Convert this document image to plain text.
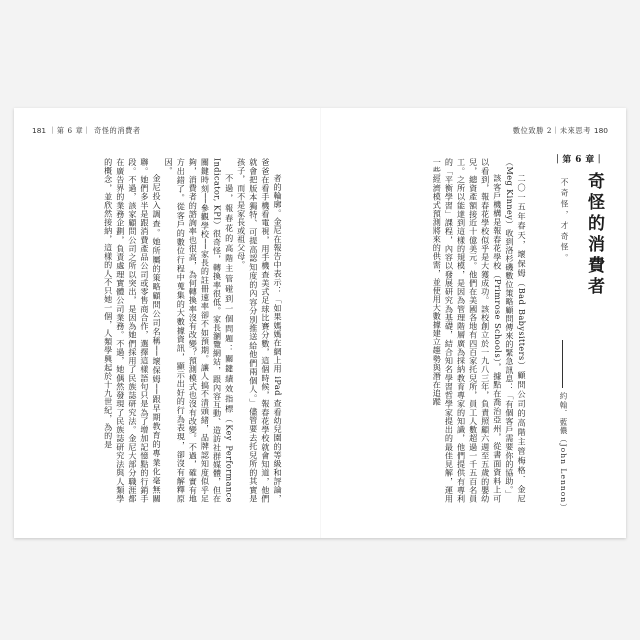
181 ｜第 6 章｜ 奇怪的消費者

者的輪廓。金尼在報告中表示：「如果媽媽在網上用 iPad 查看幼兒園的等級和評論，爸爸在看手機看電視，用手機查美式足球比賽分數，這個時候，報春花學校就會知道，他們就會把版本獨特、可提高認知度的內容分別推送給他們兩個人。」儘管要去托兒所的其實是孩子，而不是家長或祖父母。

不過，報春花的高階主管碰到一個問題：關鍵績效指標（Key Performance Indicator, KPI）很奇怪，轉換率很低。家長瀏覽網站，跟內容互動、造訪社群媒體，但在關鍵時刻──參觀學校──家長的註冊速率卻不如預期。讓人搞不清頭緒，品牌認知度似乎足夠，消費者的諮詢率也很高，為何轉換率沒有改變？預測模式也沒有改變。不過，確實有地方出錯了。從客戶的數位行程中蒐集的大數據資訊，顯示出好的行為表現，卻沒有解釋原因。

金尼投入調查。她所屬的策略顧問公司名稱──壞保姆──跟早期教育的專業化毫無關聯。她們多半是跟消費產品公司或零售商合作，選擇這樣語句只是為了增加記憶點的行銷手段。不過，該家顧問公司之所以突出，是因為她們採用了民族誌研究法。金尼大部分職涯都在廣告界的業務企劃，負責處理實體公司業務。不過，她偶然發現了民族誌研究法與人類學的概念，並欣然接納，這樣的人不只她一個，人類學興起於十九世紀，為的是

數位致勝 2｜未來思考 180
｜第 6 章｜
奇怪的消費者
不奇怪，才奇怪。
約翰．藍儂（John Lennon）

二〇一五年春天，壞保姆（Bad Babysitters）顧問公司的高階主管梅格．金尼（Meg Kinney）收到洛杉磯數位策略顧問傳來的緊急訊息：「有個客戶需要你的協助。」

該客戶機構是報春花學校（Primrose Schools），據點在喬治亞州，從書面資料上可以看到，報春花學校似乎是大獲成功。該校創立於一九八三年，負責照顧六週至五歲的嬰幼兒，總資產額接近十億美元。他們在美國各地有四百家托兒所，員工人數超過一千五百名員工。之所以能達到這樣的規模，是因為管理階層廣為採納教育專家的知識，他們提供有專利的「平衡學習」課程，內容以發展研究為基礎，結合知名學習哲學家提出的最佳見解，運用一些經濟模式預測將來的供需，並使用大數據建立趨勢與潛在追蹤
